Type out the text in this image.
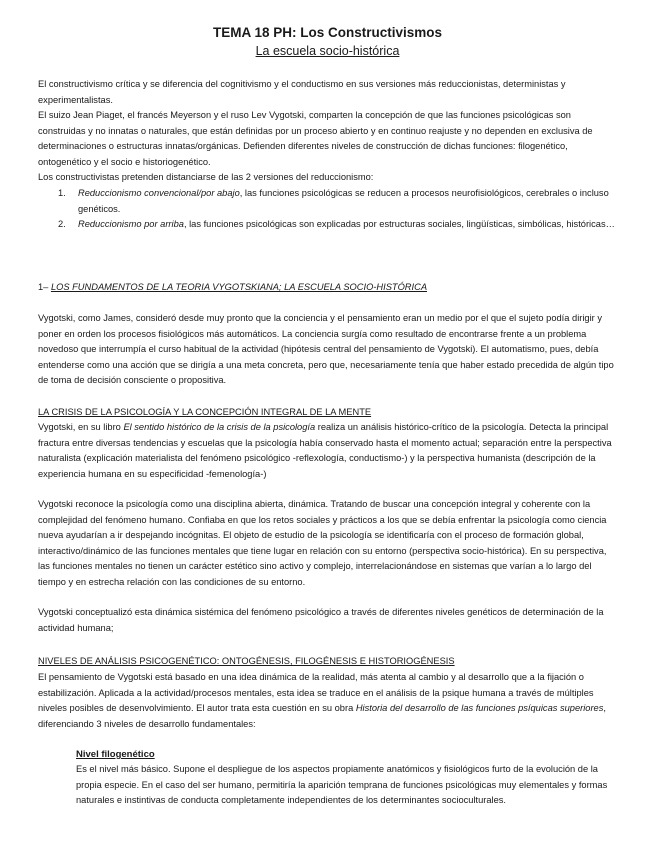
TEMA 18 PH: Los Constructivismos
La escuela socio-histórica

El constructivismo crítica y se diferencia del cognitivismo y el conductismo en sus versiones más reduccionistas, deterministas y experimentalistas.

El suizo Jean Piaget, el francés Meyerson y el ruso Lev Vygotski, comparten la concepción de que las funciones psicológicas son construidas y no innatas o naturales, que están definidas por un proceso abierto y en continuo reajuste y no dependen en exclusiva de determinaciones o estructuras innatas/orgánicas. Defienden diferentes niveles de construcción de dichas funciones: filogenético, ontogenético y el socio e historiogenético.

Los constructivistas pretenden distanciarse de las 2 versiones del reduccionismo:

1. Reduccionismo convencional/por abajo, las funciones psicológicas se reducen a procesos neurofisiológicos, cerebrales o incluso genéticos.
2. Reduccionismo por arriba, las funciones psicológicas son explicadas por estructuras sociales, lingüísticas, simbólicas, históricas…
1– LOS FUNDAMENTOS DE LA TEORIA VYGOTSKIANA; LA ESCUELA SOCIO-HISTÓRICA

Vygotski, como James, consideró desde muy pronto que la conciencia y el pensamiento eran un medio por el que el sujeto podía dirigir y poner en orden los procesos fisiológicos más automáticos. La conciencia surgía como resultado de encontrarse frente a un problema novedoso que interrumpía el curso habitual de la actividad (hipótesis central del pensamiento de Vygotski). El automatismo, pues, debía entenderse como una acción que se dirigía a una meta concreta, pero que, necesariamente tenía que haber estado precedida de algún tipo de toma de decisión consciente o propositiva.

LA CRISIS DE LA PSICOLOGÍA Y LA CONCEPCIÓN INTEGRAL DE LA MENTE

Vygotski, en su libro El sentido histórico de la crisis de la psicología realiza un análisis histórico-crítico de la psicología. Detecta la principal fractura entre diversas tendencias y escuelas que la psicología había conservado hasta el momento actual; separación entre la perspectiva naturalista (explicación materialista del fenómeno psicológico -reflexología, conductismo-) y la perspectiva humanista (descripción de la experiencia humana en su especificidad -femenología-)

Vygotski reconoce la psicología como una disciplina abierta, dinámica. Tratando de buscar una concepción integral y coherente con la complejidad del fenómeno humano. Confiaba en que los retos sociales y prácticos a los que se debía enfrentar la psicología como ciencia nueva ayudarían a ir despejando incógnitas. El objeto de estudio de la psicología se identificaría con el proceso de formación global, interactivo/dinámico de las funciones mentales que tiene lugar en relación con su entorno (perspectiva socio-histórica). En su perspectiva, las funciones mentales no tienen un carácter estético sino activo y complejo, interrelacionándose en sistemas que varían a lo largo del tiempo y en estrecha relación con las condiciones de su entorno.

Vygotski conceptualizó esta dinámica sistémica del fenómeno psicológico a través de diferentes niveles genéticos de determinación de la actividad humana;

NIVELES DE ANÁLISIS PSICOGENÉTICO: ONTOGÉNESIS, FILOGÉNESIS E HISTORIOGÉNESIS

El pensamiento de Vygotski está basado en una idea dinámica de la realidad, más atenta al cambio y al desarrollo que a la fijación o estabilización. Aplicada a la actividad/procesos mentales, esta idea se traduce en el análisis de la psique humana a través de múltiples niveles posibles de desenvolvimiento. El autor trata esta cuestión en su obra Historia del desarrollo de las funciones psíquicas superiores, diferenciando 3 niveles de desarrollo fundamentales:

Nivel filogenético

Es el nivel más básico. Supone el despliegue de los aspectos propiamente anatómicos y fisiológicos furto de la evolución de la propia especie. En el caso del ser humano, permitiría la aparición temprana de funciones psicológicas muy elementales y formas naturales e instintivas de conducta completamente independientes de los determinantes socioculturales.
